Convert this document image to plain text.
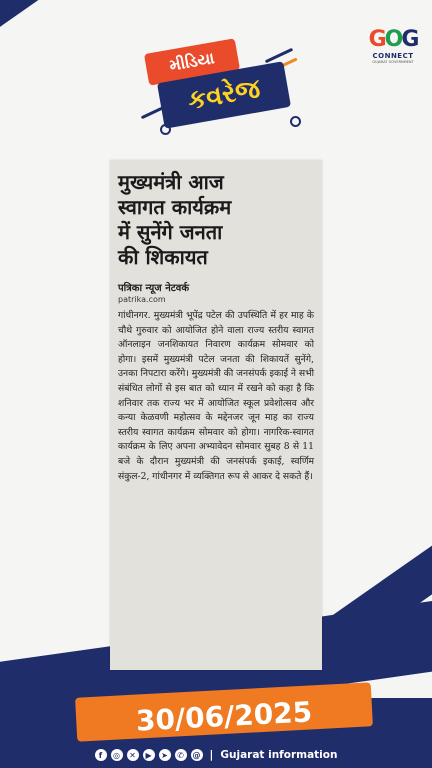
મીડિયા
કવરેજ
GOG
CONNECT
GUJARAT GOVERNMENT
मुख्यमंत्री आज
स्वागत कार्यक्रम
में सुनेंगे जनता
की शिकायत
पत्रिका न्यूज नेटवर्क
patrika.com
गांधीनगर. मुख्यमंत्री भूपेंद्र पटेल की उपस्थिति में हर माह के चौथे गुरुवार को आयोजित होने वाला राज्य स्तरीय स्वागत ऑनलाइन जनशिकायत निवारण कार्यक्रम सोमवार को होगा। इसमें मुख्यमंत्री पटेल जनता की शिकायतें सुनेंगे, उनका निपटारा करेंगे। मुख्यमंत्री की जनसंपर्क इकाई ने सभी संबंधित लोगों से इस बात को ध्यान में रखने को कहा है कि शनिवार तक राज्य भर में आयोजित स्कूल प्रवेशोत्सव और कन्या केळवणी महोत्सव के मद्देनजर जून माह का राज्य स्तरीय स्वागत कार्यक्रम सोमवार को होगा। नागरिक-स्वागत कार्यक्रम के लिए अपना अभ्यावेदन सोमवार सुबह 8 से 11 बजे के दौरान मुख्यमंत्री की जनसंपर्क इकाई, स्वर्णिम संकुल-2, गांधीनगर में व्यक्तिगत रूप से आकर दे सकते हैं।
30/06/2025
f	◎	✕	▶	➤	✆	@ | Gujarat information
